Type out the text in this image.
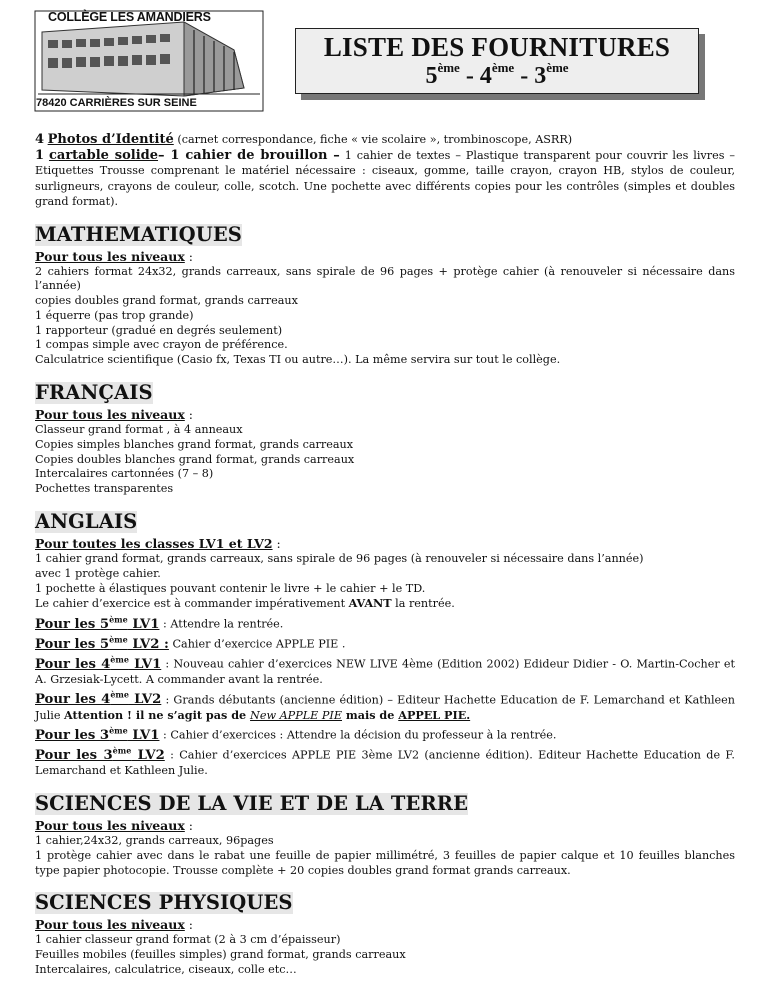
COLLÈGE LES AMANDIERS
78420 CARRIÈRES SUR SEINE
LISTE DES FOURNITURES
5ème - 4ème - 3ème
4 Photos d’Identité (carnet correspondance, fiche « vie scolaire », trombinoscope, ASRR)
1 cartable solide– 1 cahier de brouillon – 1 cahier de textes – Plastique transparent pour couvrir les livres – Etiquettes Trousse comprenant le matériel nécessaire : ciseaux, gomme, taille crayon, crayon HB, stylos de couleur, surligneurs, crayons de couleur, colle, scotch. Une pochette avec différents copies pour les contrôles (simples et doubles grand format).
MATHEMATIQUES
Pour tous les niveaux :

2 cahiers format 24x32, grands carreaux, sans spirale de 96 pages + protège cahier (à renouveler si nécessaire dans l’année)

copies doubles grand format, grands carreaux

1 équerre (pas trop grande)

1 rapporteur (gradué en degrés seulement)

1 compas simple avec crayon de préférence.

Calculatrice scientifique (Casio fx, Texas TI ou autre…). La même servira sur tout le collège.

FRANÇAIS
Pour tous les niveaux :

Classeur grand format , à 4 anneaux

Copies simples blanches grand format, grands carreaux

Copies doubles blanches grand format, grands carreaux

Intercalaires cartonnées (7 – 8)

Pochettes transparentes

ANGLAIS
Pour toutes les classes LV1 et LV2 :

1 cahier grand format, grands carreaux, sans spirale de 96 pages (à renouveler si nécessaire dans l’année)

avec 1 protège cahier.

1 pochette à élastiques pouvant contenir le livre + le cahier + le TD.

Le cahier d’exercice est à commander impérativement AVANT la rentrée.

Pour les 5ème LV1 : Attendre la rentrée.

Pour les 5ème LV2 : Cahier d’exercice APPLE PIE .

Pour les 4ème LV1 : Nouveau cahier d’exercices NEW LIVE 4ème (Edition 2002) Edideur Didier - O. Martin-Cocher et A. Grzesiak-Lycett. A commander avant la rentrée.

Pour les 4ème LV2 : Grands débutants (ancienne édition) – Editeur Hachette Education de F. Lemarchand et Kathleen Julie Attention ! il ne s’agit pas de New APPLE PIE mais de APPEL PIE.

Pour les 3ème LV1 : Cahier d’exercices : Attendre la décision du professeur à la rentrée.

Pour les 3ème LV2 : Cahier d’exercices APPLE PIE 3ème LV2 (ancienne édition). Editeur Hachette Education de F. Lemarchand et Kathleen Julie.

SCIENCES DE LA VIE ET DE LA TERRE
Pour tous les niveaux :

1 cahier,24x32, grands carreaux, 96pages

1 protège cahier avec dans le rabat une feuille de papier millimétré, 3 feuilles de papier calque et 10 feuilles blanches type papier photocopie. Trousse complète + 20 copies doubles grand format grands carreaux.

SCIENCES PHYSIQUES
Pour tous les niveaux :

1 cahier classeur grand format (2 à 3 cm d’épaisseur)

Feuilles mobiles (feuilles simples) grand format, grands carreaux

Intercalaires, calculatrice, ciseaux, colle etc…
